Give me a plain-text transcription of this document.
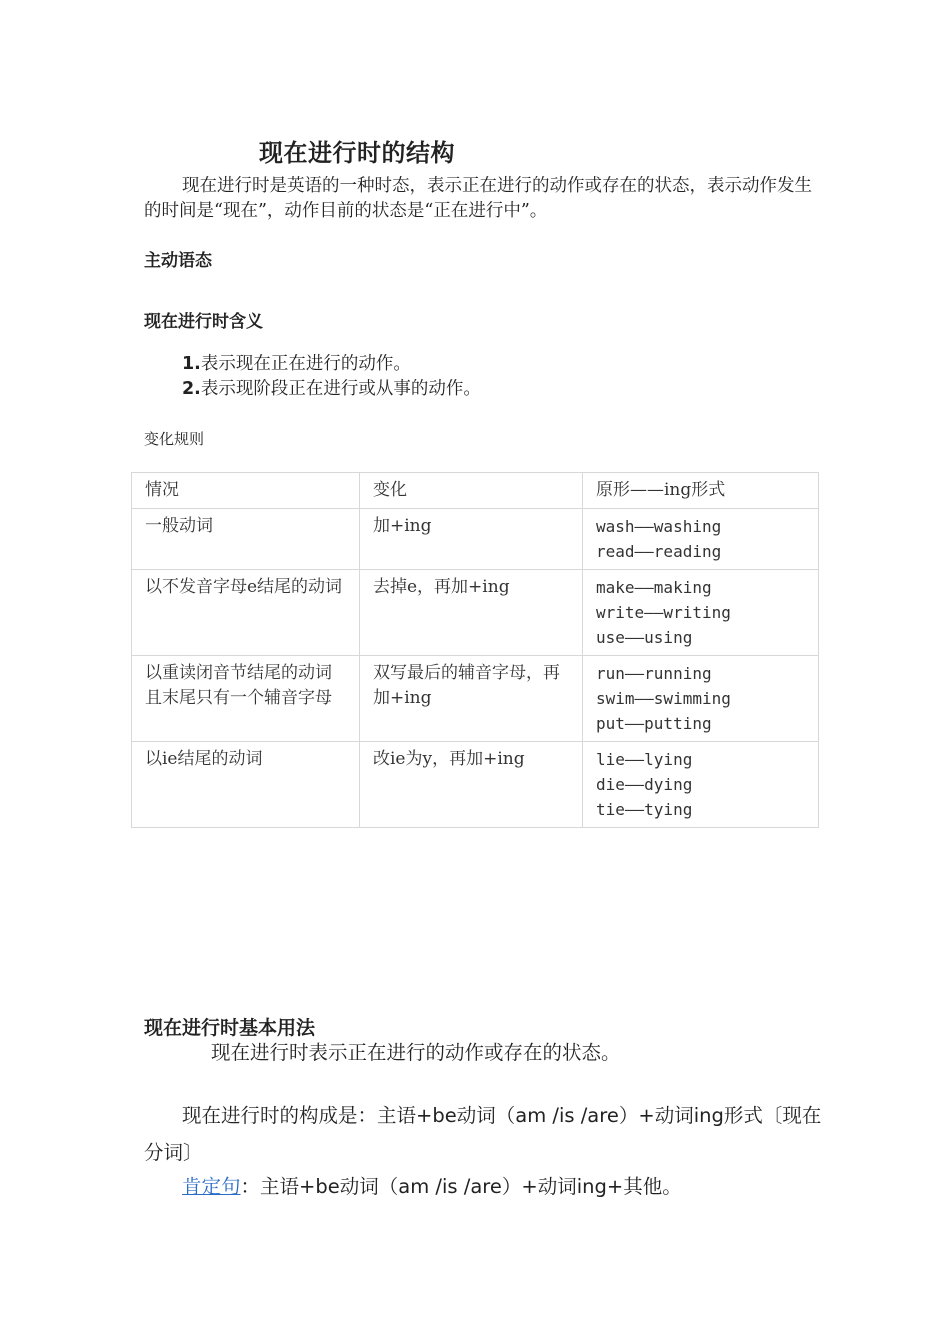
现在进行时的结构
现在进行时是英语的一种时态，表示正在进行的动作或存在的状态，表示动作发生的时间是“现在”，动作目前的状态是“正在进行中”。
主动语态
现在进行时含义
1.表示现在正在进行的动作。
2.表示现阶段正在进行或从事的动作。
变化规则
情况	变化	原形——ing形式
一般动词	加+ing	wash——washing
read——reading

以不发音字母e结尾的动词	去掉e，再加+ing	make——making
write——writing
use——using

以重读闭音节结尾的动词且末尾只有一个辅音字母	双写最后的辅音字母，再加+ing	run——running
swim——swimming
put——putting

以ie结尾的动词	改ie为y，再加+ing	lie——lying
die——dying
tie——tying
现在进行时基本用法
现在进行时表示正在进行的动作或存在的状态。
现在进行时的构成是：主语+be动词（am /is /are）+动词ing形式〔现在分词〕
肯定句：主语+be动词（am /is /are）+动词ing+其他。
